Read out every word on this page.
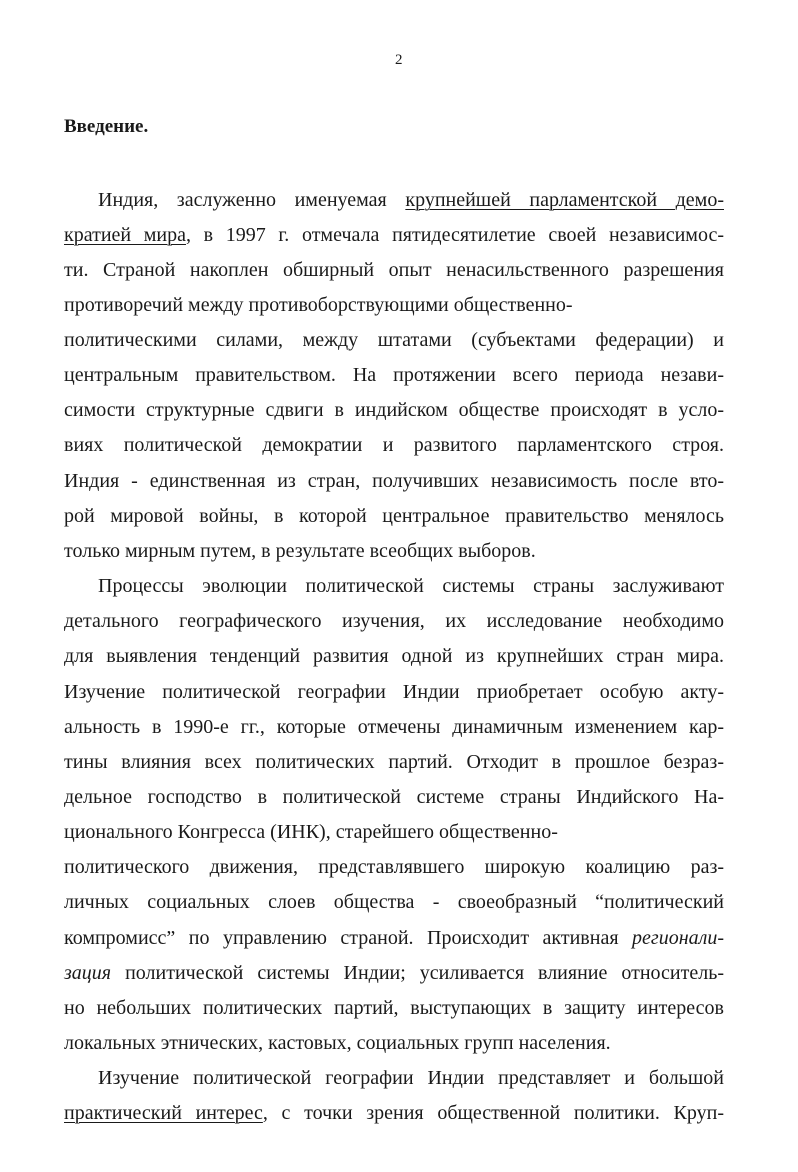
2
Введение.
Индия, заслуженно именуемая крупнейшей парламентской демо-
кратией мира, в 1997 г. отмечала пятидесятилетие своей независимос-
ти. Страной накоплен обширный опыт ненасильственного разрешения
противоречий между противоборствующими общественно-
политическими силами, между штатами (субъектами федерации) и
центральным правительством. На протяжении всего периода незави-
симости структурные сдвиги в индийском обществе происходят в усло-
виях политической демократии и развитого парламентского строя.
Индия - единственная из стран, получивших независимость после вто-
рой мировой войны, в которой центральное правительство менялось
только мирным путем, в результате всеобщих выборов.
Процессы эволюции политической системы страны заслуживают
детального географического изучения, их исследование необходимо
для выявления тенденций развития одной из крупнейших стран мира.
Изучение политической географии Индии приобретает особую акту-
альность в 1990-е гг., которые отмечены динамичным изменением кар-
тины влияния всех политических партий. Отходит в прошлое безраз-
дельное господство в политической системе страны Индийского На-
ционального Конгресса (ИНК), старейшего общественно-
политического движения, представлявшего широкую коалицию раз-
личных социальных слоев общества - своеобразный “политический
компромисс” по управлению страной. Происходит активная регионали-
зация политической системы Индии; усиливается влияние относитель-
но небольших политических партий, выступающих в защиту интересов
локальных этнических, кастовых, социальных групп населения.
Изучение политической географии Индии представляет и большой
практический интерес, с точки зрения общественной политики. Круп-
